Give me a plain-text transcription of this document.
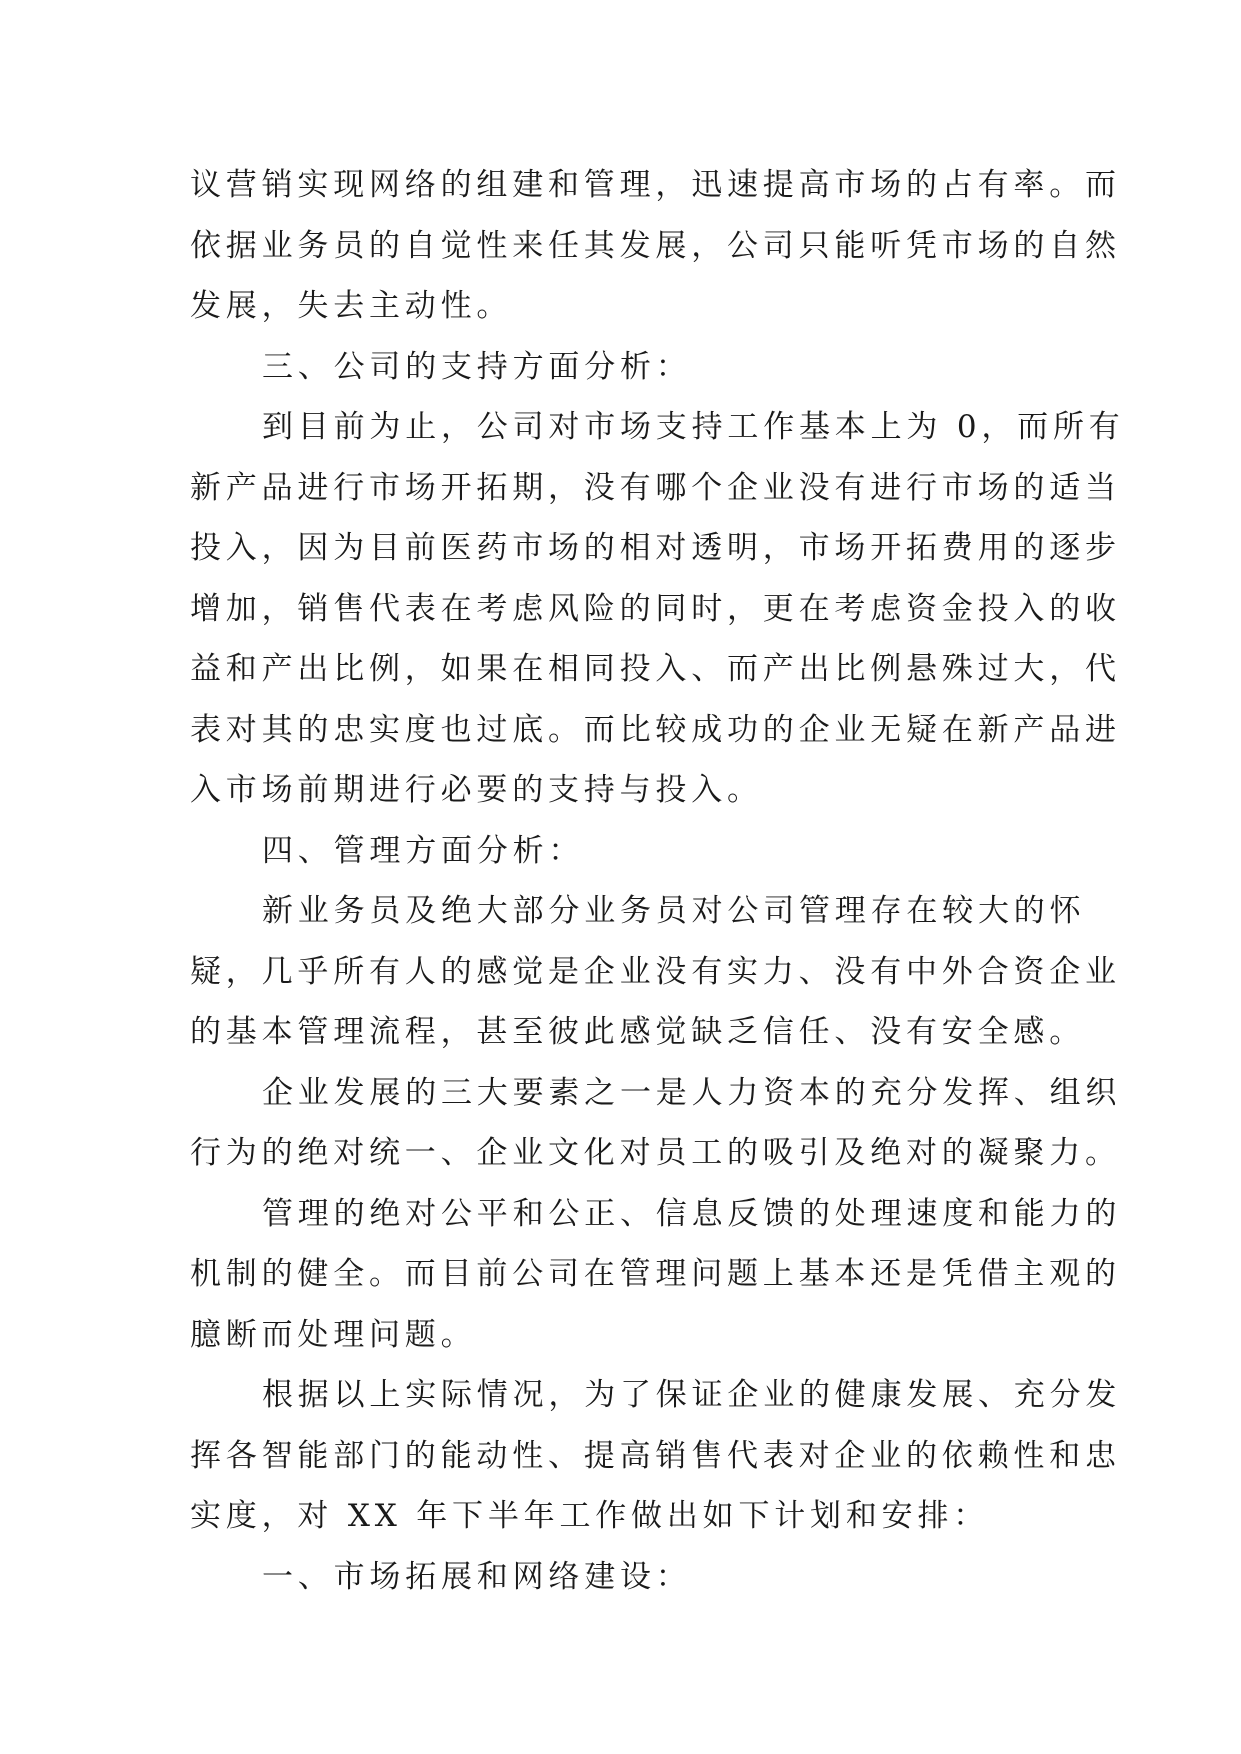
议营销实现网络的组建和管理，迅速提高市场的占有率。而
依据业务员的自觉性来任其发展，公司只能听凭市场的自然
发展，失去主动性。
三、公司的支持方面分析：
到目前为止，公司对市场支持工作基本上为 0，而所有
新产品进行市场开拓期，没有哪个企业没有进行市场的适当
投入，因为目前医药市场的相对透明，市场开拓费用的逐步
增加，销售代表在考虑风险的同时，更在考虑资金投入的收
益和产出比例，如果在相同投入、而产出比例悬殊过大，代
表对其的忠实度也过底。而比较成功的企业无疑在新产品进
入市场前期进行必要的支持与投入。
四、管理方面分析：
新业务员及绝大部分业务员对公司管理存在较大的怀
疑，几乎所有人的感觉是企业没有实力、没有中外合资企业
的基本管理流程，甚至彼此感觉缺乏信任、没有安全感。
企业发展的三大要素之一是人力资本的充分发挥、组织
行为的绝对统一、企业文化对员工的吸引及绝对的凝聚力。
管理的绝对公平和公正、信息反馈的处理速度和能力的
机制的健全。而目前公司在管理问题上基本还是凭借主观的
臆断而处理问题。
根据以上实际情况，为了保证企业的健康发展、充分发
挥各智能部门的能动性、提高销售代表对企业的依赖性和忠
实度，对 XX 年下半年工作做出如下计划和安排：
一、市场拓展和网络建设：
